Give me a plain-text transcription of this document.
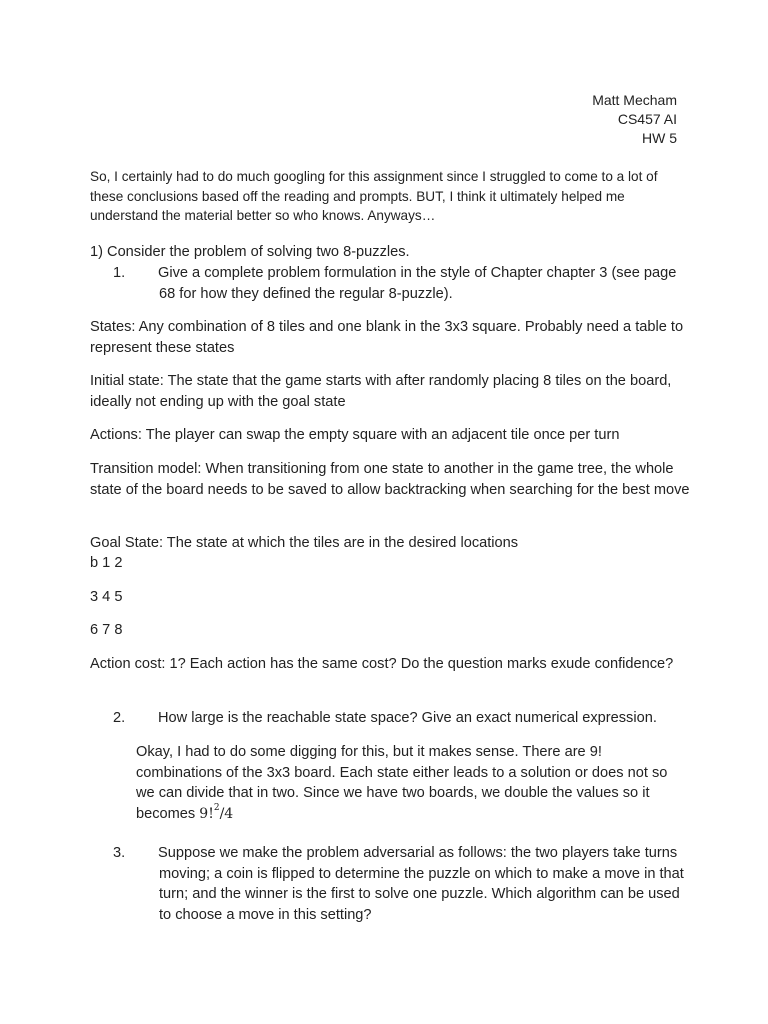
Matt Mecham
CS457 AI
HW 5
So, I certainly had to do much googling for this assignment since I struggled to come to a lot of these conclusions based off the reading and prompts. BUT, I think it ultimately helped me understand the material better so who knows. Anyways…
1) Consider the problem of solving two 8-puzzles.
1. Give a complete problem formulation in the style of Chapter chapter 3 (see page 68 for how they defined the regular 8-puzzle).
States: Any combination of 8 tiles and one blank in the 3x3 square. Probably need a table to represent these states
Initial state: The state that the game starts with after randomly placing 8 tiles on the board, ideally not ending up with the goal state
Actions: The player can swap the empty square with an adjacent tile once per turn
Transition model: When transitioning from one state to another in the game tree, the whole state of the board needs to be saved to allow backtracking when searching for the best move
Goal State: The state at which the tiles are in the desired locations
b 1 2
3 4 5
6 7 8
Action cost: 1? Each action has the same cost? Do the question marks exude confidence?
2. How large is the reachable state space? Give an exact numerical expression.
Okay, I had to do some digging for this, but it makes sense. There are 9! combinations of the 3x3 board. Each state either leads to a solution or does not so we can divide that in two. Since we have two boards, we double the values so it becomes 9!$^2$/4
3. Suppose we make the problem adversarial as follows: the two players take turns moving; a coin is flipped to determine the puzzle on which to make a move in that turn; and the winner is the first to solve one puzzle. Which algorithm can be used to choose a move in this setting?
